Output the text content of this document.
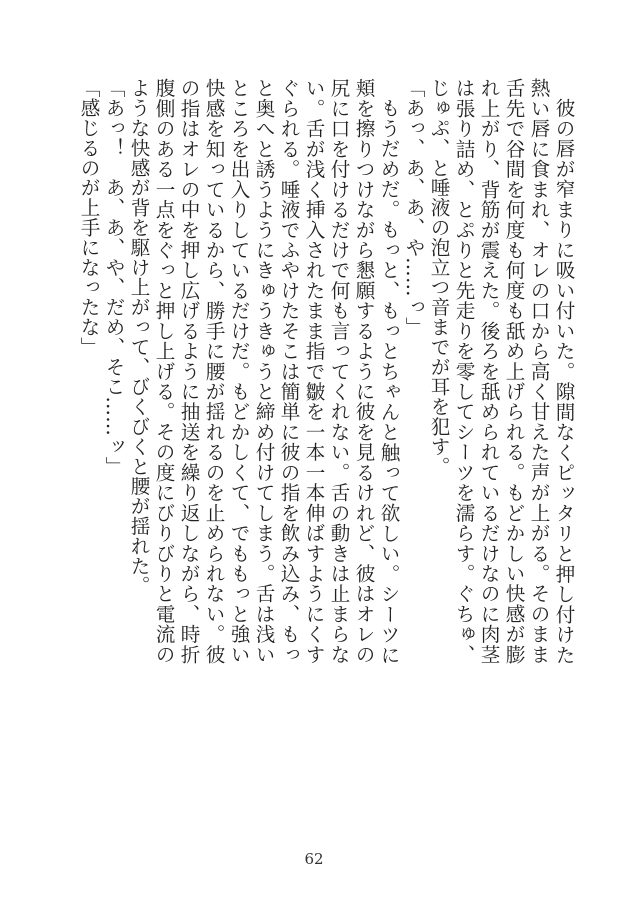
彼の唇が窄まりに吸い付いた。隙間なくピッタリと押し付けた熱い唇に食まれ、オレの口から高く甘えた声が上がる。そのまま舌先で谷間を何度も何度も舐め上げられる。もどかしい快感が膨れ上がり、背筋が震えた。後ろを舐められているだけなのに肉茎は張り詰め、とぷりと先走りを零してシーツを濡らす。ぐちゅ、じゅぷ、と唾液の泡立つ音までが耳を犯す。

「あっ、あ、あ、や……っ」

もうだめだ。もっと、もっとちゃんと触って欲しい。シーツに頬を擦りつけながら懇願するように彼を見るけれど、彼はオレの尻に口を付けるだけで何も言ってくれない。舌の動きは止まらない。舌が浅く挿入されたまま指で皺を一本一本伸ばすようにくすぐられる。唾液でふやけたそこは簡単に彼の指を飲み込み、もっと奥へと誘うようにきゅうきゅうと締め付けてしまう。舌は浅いところを出入りしているだけだ。もどかしくて、でももっと強い快感を知っているから、勝手に腰が揺れるのを止められない。彼の指はオレの中を押し広げるように抽送を繰り返しながら、時折腹側のある一点をぐっと押し上げる。その度にびりびりと電流のような快感が背を駆け上がって、びくびくと腰が揺れた。

「あっ！　あ、あ、や、だめ、そこ……ッ」

「感じるのが上手になったな」

62
